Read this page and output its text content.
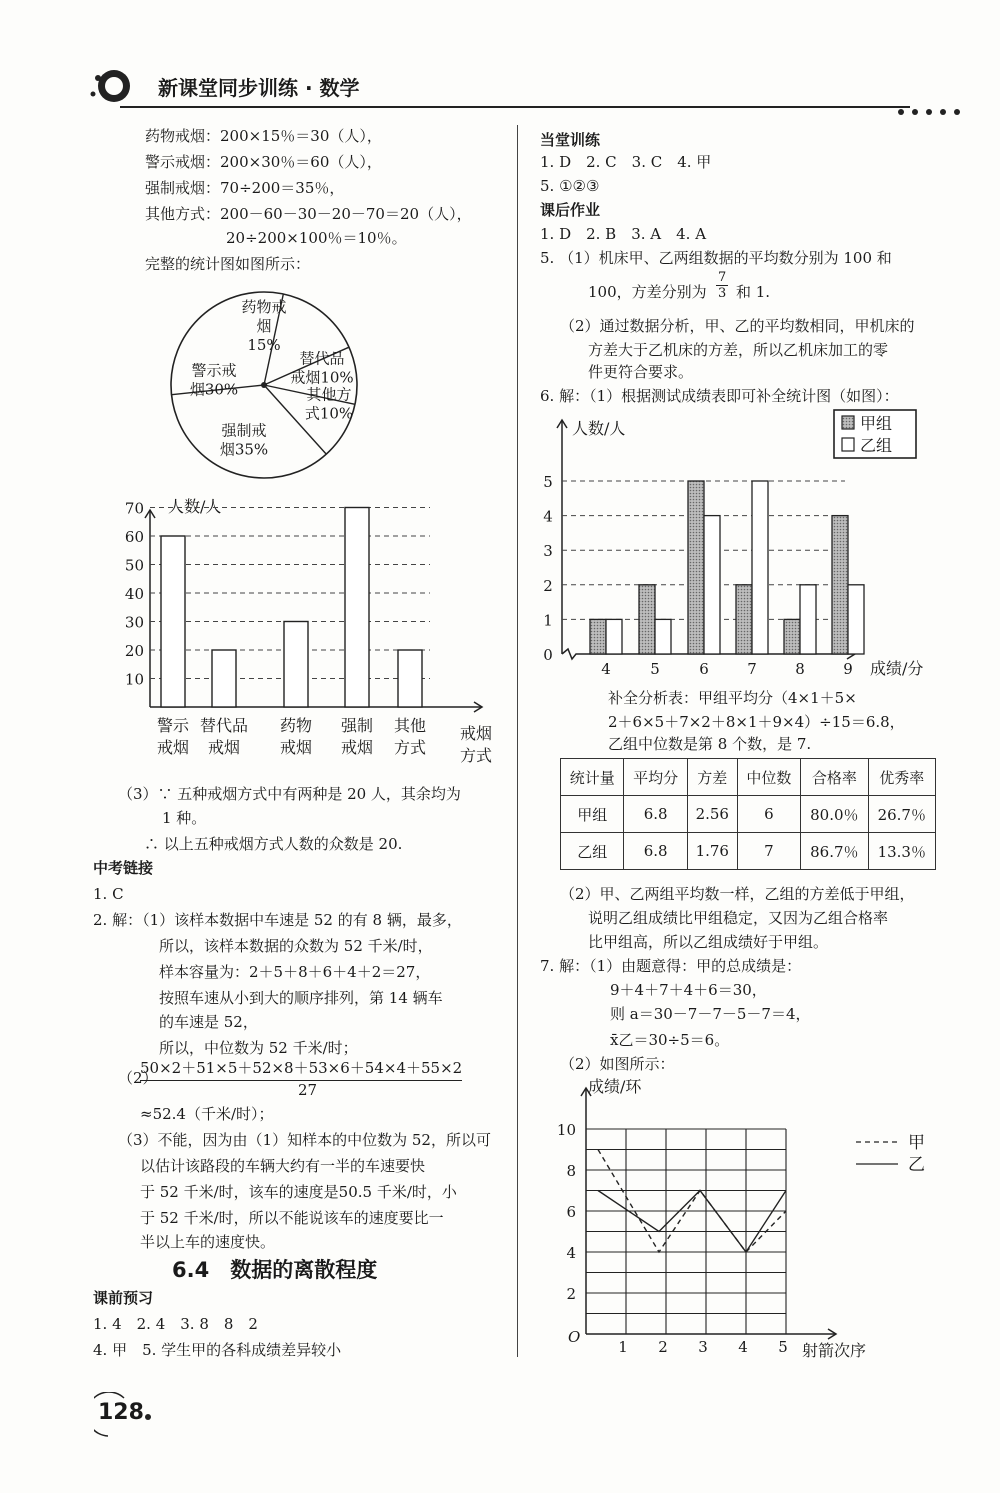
新课堂同步训练 · 数学
药物戒烟：200×15％＝30（人），
警示戒烟：200×30％＝60（人），
强制戒烟：70÷200＝35％，
其他方式：200－60－30－20－70＝20（人），
20÷200×100％＝10％。
完整的统计图如图所示：
药物戒
烟
15%
替代品
戒烟10%
其他方
式10%
强制戒
烟35%
警示戒
烟30%
人数/人
10
20
30
40
50
60
70
警示
戒烟
替代品
戒烟
药物
戒烟
强制
戒烟
其他
方式
戒烟
方式
（3）∵ 五种戒烟方式中有两种是 20 人，其余均为
1 种。
∴ 以上五种戒烟方式人数的众数是 20.
中考链接
1. C
2. 解：（1）该样本数据中车速是 52 的有 8 辆，最多，
所以，该样本数据的众数为 52 千米/时，
样本容量为：2＋5＋8＋6＋4＋2＝27，
按照车速从小到大的顺序排列，第 14 辆车
的车速是 52，
所以，中位数为 52 千米/时；
（2）
50×2＋51×5＋52×8＋53×6＋54×4＋55×2
27
≈52.4（千米/时）；
（3）不能，因为由（1）知样本的中位数为 52，所以可
以估计该路段的车辆大约有一半的车速要快
于 52 千米/时，该车的速度是50.5 千米/时，小
于 52 千米/时，所以不能说该车的速度要比一
半以上车的速度快。
6.4　数据的离散程度
课前预习
1. 4　2. 4　3. 8　8　2
4. 甲　5. 学生甲的各科成绩差异较小
当堂训练
1. D　2. C　3. C　4. 甲
5. ①②③
课后作业
1. D　2. B　3. A　4. A
5. （1）机床甲、乙两组数据的平均数分别为 100 和
100，方差分别为 $\frac{7}{3}$ 和 1.
（2）通过数据分析，甲、乙的平均数相同，甲机床的
方差大于乙机床的方差，所以乙机床加工的零
件更符合要求。
6. 解：（1）根据测试成绩表即可补全统计图（如图）：
人数/人
成绩/分
0
1
2
3
4
5
4	5	6	7	8	9
甲组
乙组
补全分析表：甲组平均分（4×1＋5×
2＋6×5＋7×2＋8×1＋9×4）÷15＝6.8，
乙组中位数是第 8 个数，是 7.
统计量	平均分	方差	中位数	合格率	优秀率
甲组	6.8	2.56	6	80.0％	26.7％
乙组	6.8	1.76	7	86.7％	13.3％
（2）甲、乙两组平均数一样，乙组的方差低于甲组，
说明乙组成绩比甲组稳定，又因为乙组合格率
比甲组高，所以乙组成绩好于甲组。
7. 解：（1）由题意得：甲的总成绩是：
9＋4＋7＋4＋6＝30，
则 a＝30－7－7－5－7＝4，
x̄乙＝30÷5＝6。
（2）如图所示：
成绩/环
射箭次序
O
2
4
6
8
10
1 2 3 4 5
甲
乙
128
